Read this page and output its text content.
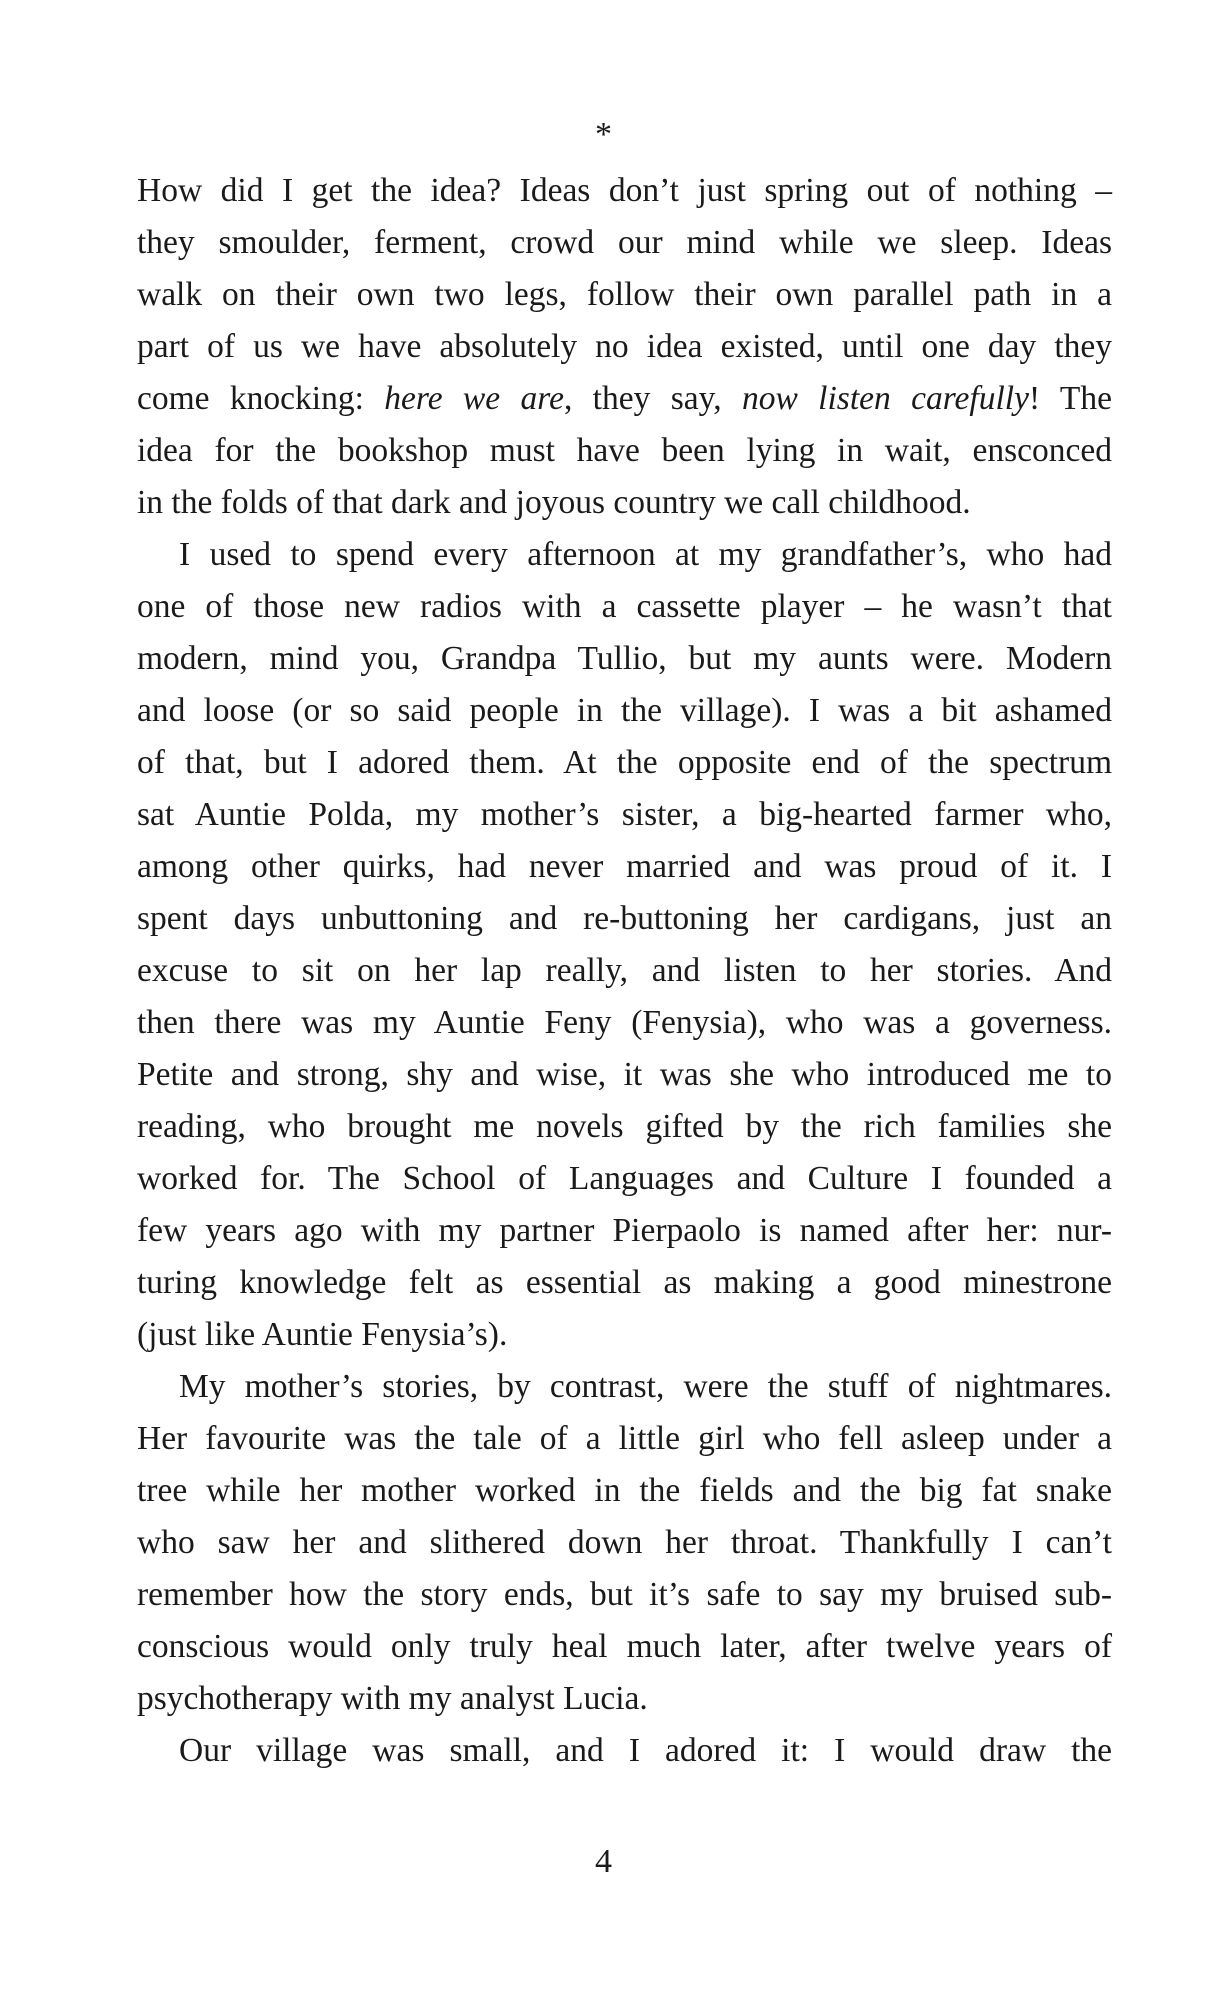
*
How did I get the idea? Ideas don’t just spring out of nothing –
they smoulder, ferment, crowd our mind while we sleep. Ideas
walk on their own two legs, follow their own parallel path in a
part of us we have absolutely no idea existed, until one day they
come knocking: here we are, they say, now listen carefully! The
idea for the bookshop must have been lying in wait, ensconced
in the folds of that dark and joyous country we call childhood.
I used to spend every afternoon at my grandfather’s, who had
one of those new radios with a cassette player – he wasn’t that
modern, mind you, Grandpa Tullio, but my aunts were. Modern
and loose (or so said people in the village). I was a bit ashamed
of that, but I adored them. At the opposite end of the spectrum
sat Auntie Polda, my mother’s sister, a big-hearted farmer who,
among other quirks, had never married and was proud of it. I
spent days unbuttoning and re-buttoning her cardigans, just an
excuse to sit on her lap really, and listen to her stories. And
then there was my Auntie Feny (Fenysia), who was a governess.
Petite and strong, shy and wise, it was she who introduced me to
reading, who brought me novels gifted by the rich families she
worked for. The School of Languages and Culture I founded a
few years ago with my partner Pierpaolo is named after her: nur-
turing knowledge felt as essential as making a good minestrone
(just like Auntie Fenysia’s).
My mother’s stories, by contrast, were the stuff of nightmares.
Her favourite was the tale of a little girl who fell asleep under a
tree while her mother worked in the fields and the big fat snake
who saw her and slithered down her throat. Thankfully I can’t
remember how the story ends, but it’s safe to say my bruised sub-
conscious would only truly heal much later, after twelve years of
psychotherapy with my analyst Lucia.
Our village was small, and I adored it: I would draw the
4
